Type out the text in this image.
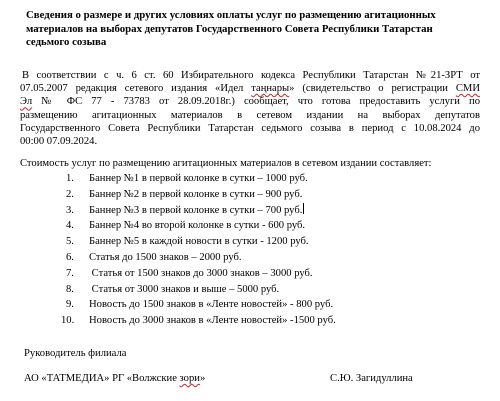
Сведения о размере и других условиях оплаты услуг по размещению агитационных
материалов на выборах депутатов Государственного Совета Республики Татарстан
седьмого созыва
В соответствии с ч. 6 ст. 60 Избирательного кодекса Республики Татарстан №21-ЗРТ от
07.05.2007 редакция сетевого издания «Идел таңнары» (свидетельство о регистрации СМИ
Эл № ФС 77 - 73783 от 28.09.2018г.) сообщает, что готова предоставить услуги по
размещению агитационных материалов в сетевом издании на выборах депутатов
Государственного Совета Республики Татарстан седьмого созыва в период с 10.08.2024 до
00:00 07.09.2024.
Стоимость услуг по размещению агитационных материалов в сетевом издании составляет:
1.	Баннер №1 в первой колонке в сутки – 1000 руб.
2.	Баннер №2 в первой колонке в сутки – 900 руб.
3.	Баннер №3 в первой колонке в сутки – 700 руб.
4.	Баннер №4 во второй колонке в сутки - 600 руб.
5.	Баннер №5 в каждой новости в сутки - 1200 руб.
6.	Статья до 1500 знаков – 2000 руб.
7.	Статья от 1500 знаков до 3000 знаков – 3000 руб.
8.	Статья от 3000 знаков и выше – 5000 руб.
9.	Новость до 1500 знаков в «Ленте новостей» - 800 руб.
10.	Новость до 3000 знаков в «Ленте новостей» -1500 руб.
Руководитель филиала
АО «ТАТМЕДИА» РГ «Волжские зори»	С.Ю. Загидуллина
